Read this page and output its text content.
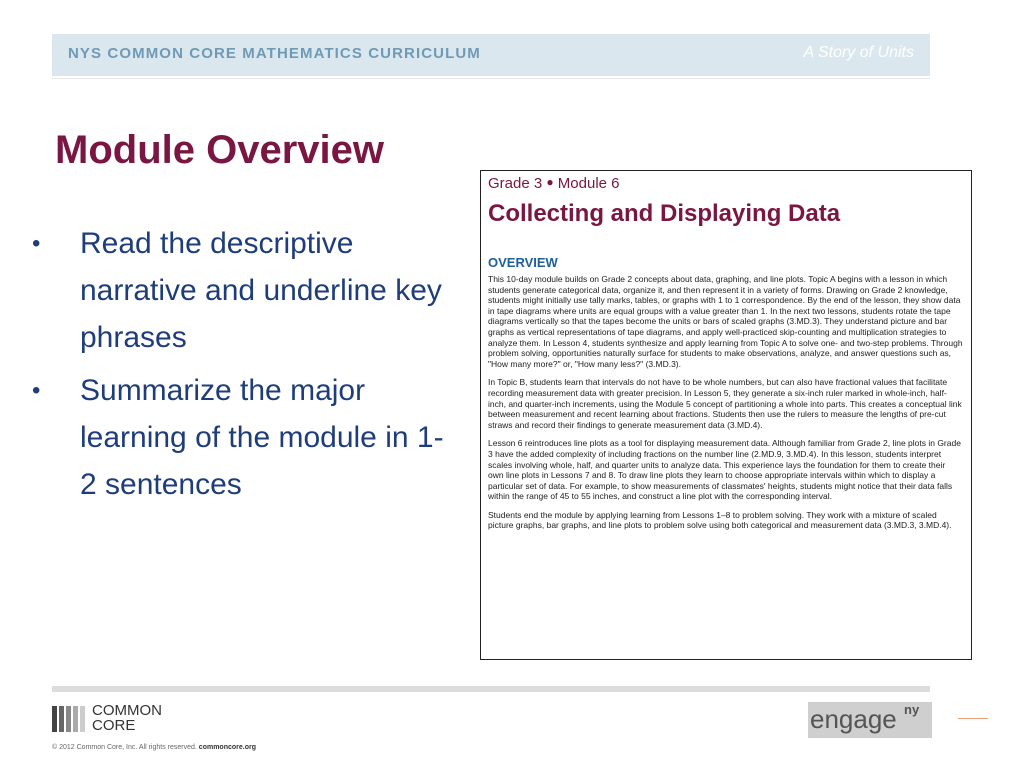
NYS COMMON CORE MATHEMATICS CURRICULUM	A Story of Units
Module Overview
• Read the descriptive narrative and underline key phrases
• Summarize the major learning of the module in 1-2 sentences

Grade 3 ● Module 6

Collecting and Displaying Data
OVERVIEW

This 10-day module builds on Grade 2 concepts about data, graphing, and line plots. Topic A begins with a lesson in which students generate categorical data, organize it, and then represent it in a variety of forms. Drawing on Grade 2 knowledge, students might initially use tally marks, tables, or graphs with 1 to 1 correspondence. By the end of the lesson, they show data in tape diagrams where units are equal groups with a value greater than 1. In the next two lessons, students rotate the tape diagrams vertically so that the tapes become the units or bars of scaled graphs (3.MD.3). They understand picture and bar graphs as vertical representations of tape diagrams, and apply well-practiced skip-counting and multiplication strategies to analyze them. In Lesson 4, students synthesize and apply learning from Topic A to solve one- and two-step problems. Through problem solving, opportunities naturally surface for students to make observations, analyze, and answer questions such as, "How many more?" or, "How many less?" (3.MD.3).

In Topic B, students learn that intervals do not have to be whole numbers, but can also have fractional values that facilitate recording measurement data with greater precision. In Lesson 5, they generate a six-inch ruler marked in whole-inch, half-inch, and quarter-inch increments, using the Module 5 concept of partitioning a whole into parts. This creates a conceptual link between measurement and recent learning about fractions. Students then use the rulers to measure the lengths of pre-cut straws and record their findings to generate measurement data (3.MD.4).

Lesson 6 reintroduces line plots as a tool for displaying measurement data. Although familiar from Grade 2, line plots in Grade 3 have the added complexity of including fractions on the number line (2.MD.9, 3.MD.4). In this lesson, students interpret scales involving whole, half, and quarter units to analyze data. This experience lays the foundation for them to create their own line plots in Lessons 7 and 8. To draw line plots they learn to choose appropriate intervals within which to display a particular set of data. For example, to show measurements of classmates' heights, students might notice that their data falls within the range of 45 to 55 inches, and construct a line plot with the corresponding interval.

Students end the module by applying learning from Lessons 1–8 to problem solving. They work with a mixture of scaled picture graphs, bar graphs, and line plots to problem solve using both categorical and measurement data (3.MD.3, 3.MD.4).

COMMON
CORE
© 2012 Common Core, Inc. All rights reserved. commoncore.org
engage ny
